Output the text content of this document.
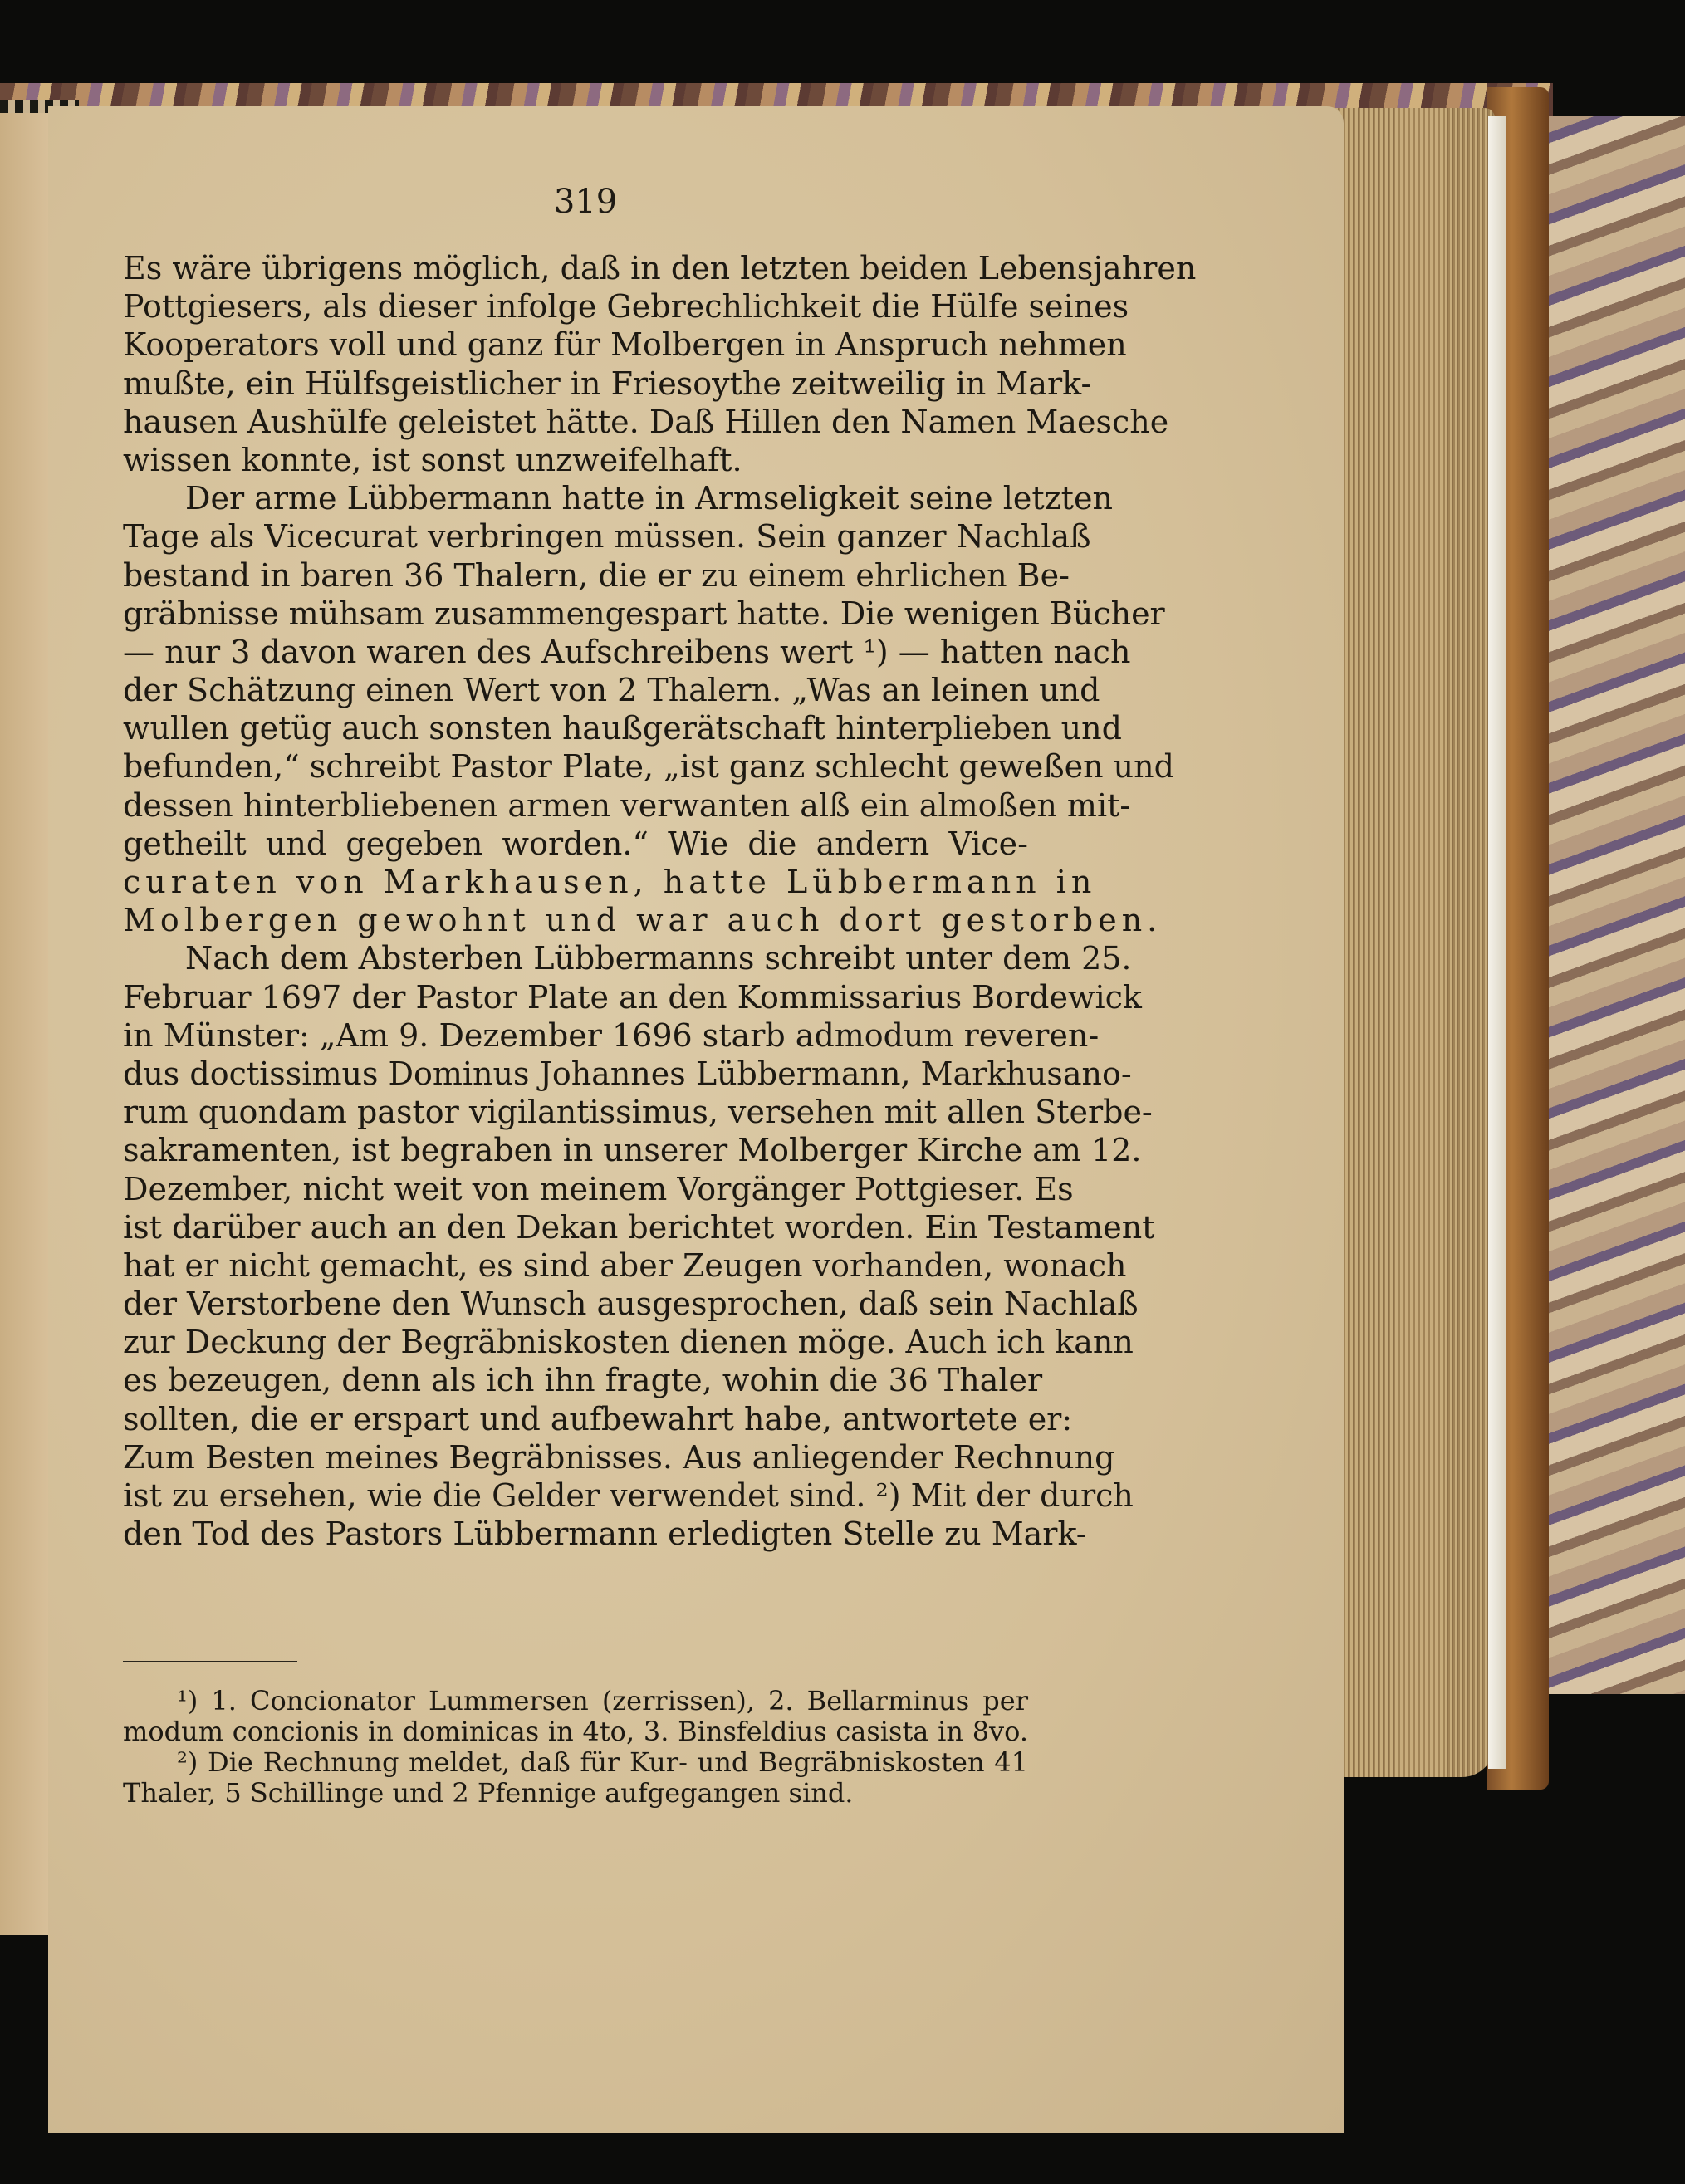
319
Es wäre übrigens möglich, daß in den letzten beiden Lebensjahren
Pottgiesers, als dieser infolge Gebrechlichkeit die Hülfe seines
Kooperators voll und ganz für Molbergen in Anspruch nehmen
mußte, ein Hülfsgeistlicher in Friesoythe zeitweilig in Mark-
hausen Aushülfe geleistet hätte. Daß Hillen den Namen Maesche
wissen konnte, ist sonst unzweifelhaft.
Der arme Lübbermann hatte in Armseligkeit seine letzten
Tage als Vicecurat verbringen müssen. Sein ganzer Nachlaß
bestand in baren 36 Thalern, die er zu einem ehrlichen Be-
gräbnisse mühsam zusammengespart hatte. Die wenigen Bücher
— nur 3 davon waren des Aufschreibens wert ¹) — hatten nach
der Schätzung einen Wert von 2 Thalern. „Was an leinen und
wullen getüg auch sonsten haußgerätschaft hinterplieben und
befunden,“ schreibt Pastor Plate, „ist ganz schlecht geweßen und
dessen hinterbliebenen armen verwanten alß ein almoßen mit-
getheilt und gegeben worden.“ Wie die andern Vice-
curaten von Markhausen, hatte Lübbermann in
Molbergen gewohnt und war auch dort gestorben.
Nach dem Absterben Lübbermanns schreibt unter dem 25.
Februar 1697 der Pastor Plate an den Kommissarius Bordewick
in Münster: „Am 9. Dezember 1696 starb admodum reveren-
dus doctissimus Dominus Johannes Lübbermann, Markhusano-
rum quondam pastor vigilantissimus, versehen mit allen Sterbe-
sakramenten, ist begraben in unserer Molberger Kirche am 12.
Dezember, nicht weit von meinem Vorgänger Pottgieser. Es
ist darüber auch an den Dekan berichtet worden. Ein Testament
hat er nicht gemacht, es sind aber Zeugen vorhanden, wonach
der Verstorbene den Wunsch ausgesprochen, daß sein Nachlaß
zur Deckung der Begräbniskosten dienen möge. Auch ich kann
es bezeugen, denn als ich ihn fragte, wohin die 36 Thaler
sollten, die er erspart und aufbewahrt habe, antwortete er:
Zum Besten meines Begräbnisses. Aus anliegender Rechnung
ist zu ersehen, wie die Gelder verwendet sind. ²) Mit der durch
den Tod des Pastors Lübbermann erledigten Stelle zu Mark-
¹) 1. Concionator Lummersen (zerrissen), 2. Bellarminus per
modum concionis in dominicas in 4to, 3. Binsfeldius casista in 8vo.
²) Die Rechnung meldet, daß für Kur- und Begräbniskosten 41
Thaler, 5 Schillinge und 2 Pfennige aufgegangen sind.
